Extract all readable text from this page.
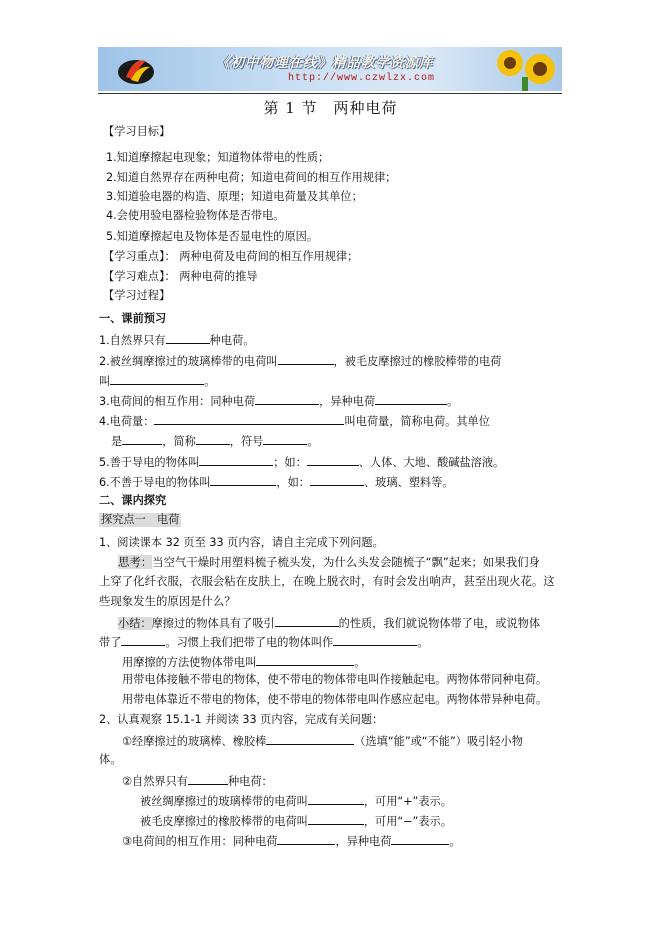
《初中物理在线》精品教学资源库
http://www.czwlzx.com
第 1 节　两种电荷
【学习目标】
1.知道摩擦起电现象；知道物体带电的性质；
2.知道自然界存在两种电荷；知道电荷间的相互作用规律；
3.知道验电器的构造、原理；知道电荷量及其单位；
4.会使用验电器检验物体是否带电。
5.知道摩擦起电及物体是否显电性的原因。
【学习重点】： 两种电荷及电荷间的相互作用规律；
【学习难点】： 两种电荷的推导
【学习过程】
一、课前预习
1.自然界只有	种电荷。
2.被丝绸摩擦过的玻璃棒带的电荷叫	，被毛皮摩擦过的橡胶棒带的电荷
叫	。
3.电荷间的相互作用：同种电荷	，异种电荷	。
4.电荷量：	叫电荷量，简称电荷。其单位
是	，简称	，符号	。
5.善于导电的物体叫	；如：	、人体、大地、酸碱盐溶液。
6.不善于导电的物体叫	，如：	、玻璃、塑料等。
二、课内探究
探究点一　电荷
1、阅读课本 32 页至 33 页内容，请自主完成下列问题。
思考：当空气干燥时用塑料梳子梳头发，为什么头发会随梳子“飘”起来；如果我们身
上穿了化纤衣服，衣服会粘在皮肤上，在晚上脱衣时，有时会发出响声，甚至出现火花。这
些现象发生的原因是什么？
小结：摩擦过的物体具有了吸引	的性质，我们就说物体带了电，或说物体
带了	。习惯上我们把带了电的物体叫作	。
用摩擦的方法使物体带电叫	。
用带电体接触不带电的物体，使不带电的物体带电叫作接触起电。两物体带同种电荷。
用带电体靠近不带电的物体，使不带电的物体带电叫作感应起电。两物体带异种电荷。
2、认真观察 15.1-1 并阅读 33 页内容，完成有关问题：
①经摩擦过的玻璃棒、橡胶棒	（选填“能”或“不能”）吸引轻小物
体。
②自然界只有	种电荷：
被丝绸摩擦过的玻璃棒带的电荷叫	，可用“+”表示。
被毛皮摩擦过的橡胶棒带的电荷叫	，可用“−”表示。
③电荷间的相互作用：同种电荷	，异种电荷	。
